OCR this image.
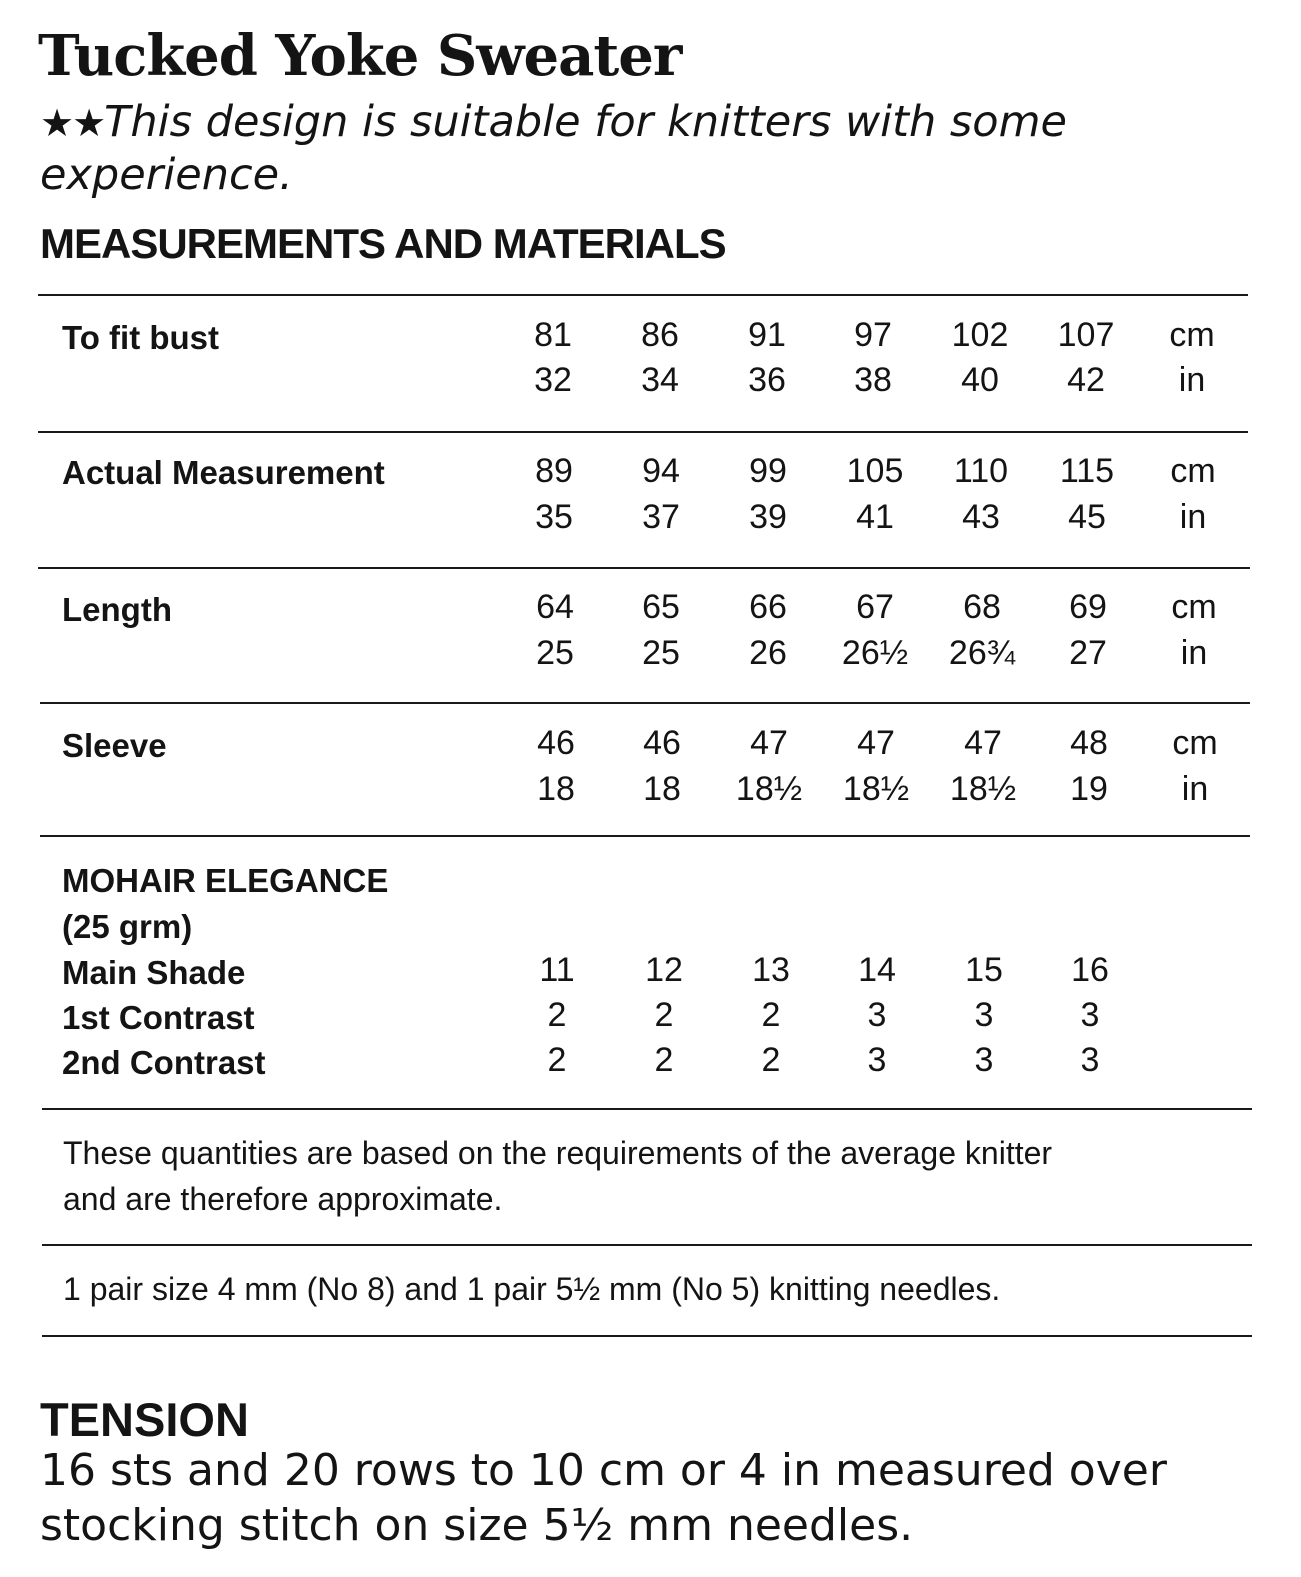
Tucked Yoke Sweater

★★This design is suitable for knitters with some experience.

MEASUREMENTS AND MATERIALS
To fit bust	81	86	91	97	102	107	cm
32	34	36	38	40	42	in
Actual Measurement	89	94	99	105	110	115	cm
35	37	39	41	43	45	in
Length	64	65	66	67	68	69	cm
25	25	26	26½	26¾	27	in
Sleeve	46	46	47	47	47	48	cm
18	18	18½	18½	18½	19	in
MOHAIR ELEGANCE
(25 grm)
Main Shade	11	12	13	14	15	16
1st Contrast	2	2	2	3	3	3
2nd Contrast	2	2	2	3	3	3
These quantities are based on the requirements of the average knitter
and are therefore approximate.
1 pair size 4 mm (No 8) and 1 pair 5½ mm (No 5) knitting needles.
TENSION

16 sts and 20 rows to 10 cm or 4 in measured over stocking stitch on size 5½ mm needles.
